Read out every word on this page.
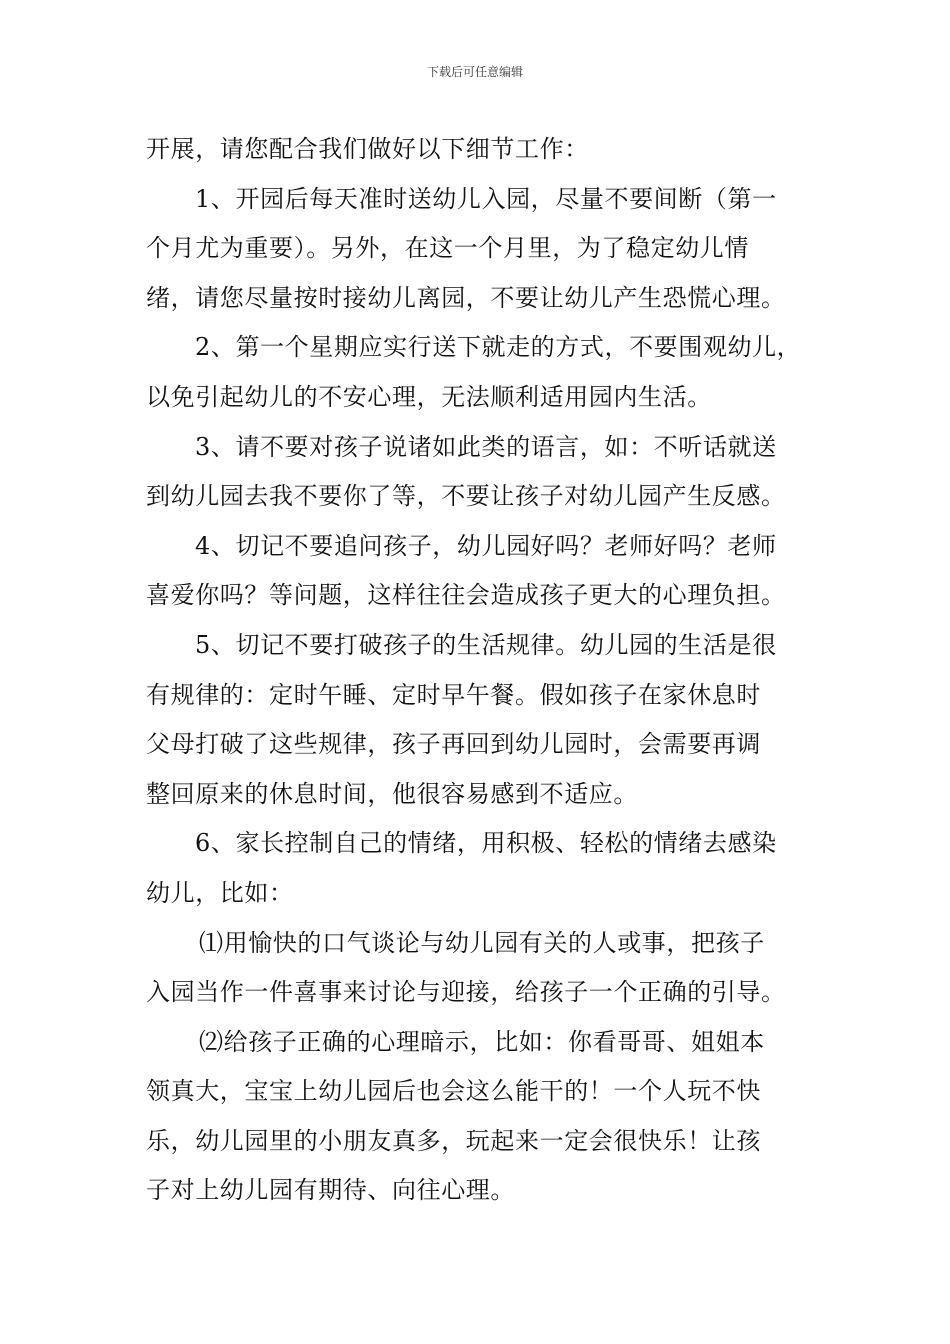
下载后可任意编辑
开展，请您配合我们做好以下细节工作：
1、开园后每天准时送幼儿入园，尽量不要间断（第一
个月尤为重要）。另外，在这一个月里，为了稳定幼儿情
绪，请您尽量按时接幼儿离园，不要让幼儿产生恐慌心理。
2、第一个星期应实行送下就走的方式，不要围观幼儿，
以免引起幼儿的不安心理，无法顺利适用园内生活。
3、请不要对孩子说诸如此类的语言，如：不听话就送
到幼儿园去我不要你了等，不要让孩子对幼儿园产生反感。
4、切记不要追问孩子，幼儿园好吗？老师好吗？老师
喜爱你吗？等问题，这样往往会造成孩子更大的心理负担。
5、切记不要打破孩子的生活规律。幼儿园的生活是很
有规律的：定时午睡、定时早午餐。假如孩子在家休息时
父母打破了这些规律，孩子再回到幼儿园时，会需要再调
整回原来的休息时间，他很容易感到不适应。
6、家长控制自己的情绪，用积极、轻松的情绪去感染
幼儿，比如：
⑴用愉快的口气谈论与幼儿园有关的人或事，把孩子
入园当作一件喜事来讨论与迎接，给孩子一个正确的引导。
⑵给孩子正确的心理暗示，比如：你看哥哥、姐姐本
领真大，宝宝上幼儿园后也会这么能干的！一个人玩不快
乐，幼儿园里的小朋友真多，玩起来一定会很快乐！让孩
子对上幼儿园有期待、向往心理。
